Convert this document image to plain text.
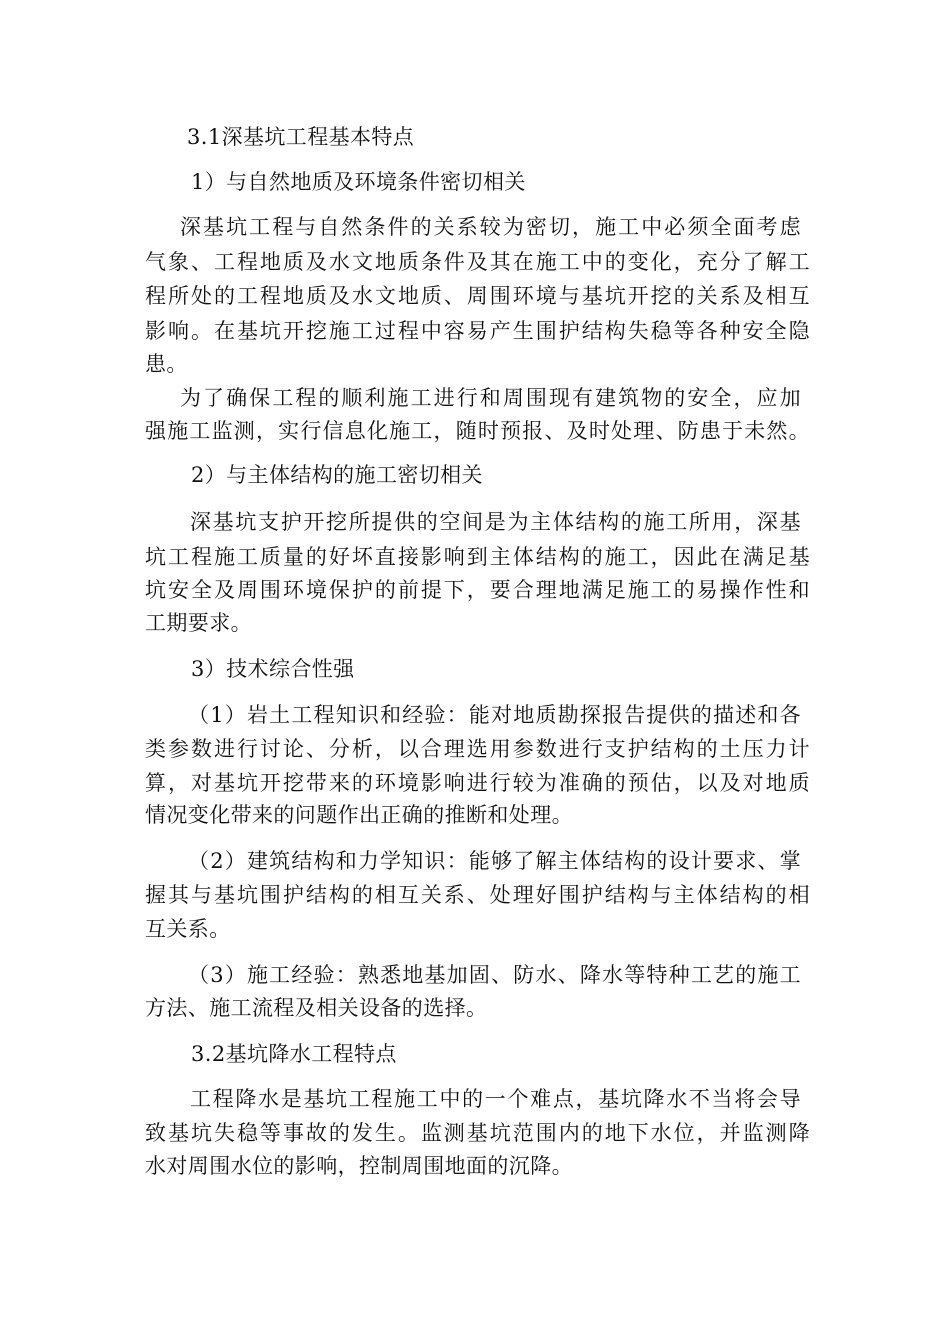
3.1深基坑工程基本特点
1）与自然地质及环境条件密切相关
深基坑工程与自然条件的关系较为密切，施工中必须全面考虑
气象、工程地质及水文地质条件及其在施工中的变化，充分了解工
程所处的工程地质及水文地质、周围环境与基坑开挖的关系及相互
影响。在基坑开挖施工过程中容易产生围护结构失稳等各种安全隐
患。
为了确保工程的顺利施工进行和周围现有建筑物的安全，应加
强施工监测，实行信息化施工，随时预报、及时处理、防患于未然。
2）与主体结构的施工密切相关
深基坑支护开挖所提供的空间是为主体结构的施工所用，深基
坑工程施工质量的好坏直接影响到主体结构的施工，因此在满足基
坑安全及周围环境保护的前提下，要合理地满足施工的易操作性和
工期要求。
3）技术综合性强
（1）岩土工程知识和经验：能对地质勘探报告提供的描述和各
类参数进行讨论、分析，以合理选用参数进行支护结构的土压力计
算，对基坑开挖带来的环境影响进行较为准确的预估，以及对地质
情况变化带来的问题作出正确的推断和处理。
（2）建筑结构和力学知识：能够了解主体结构的设计要求、掌
握其与基坑围护结构的相互关系、处理好围护结构与主体结构的相
互关系。
（3）施工经验：熟悉地基加固、防水、降水等特种工艺的施工
方法、施工流程及相关设备的选择。
3.2基坑降水工程特点
工程降水是基坑工程施工中的一个难点，基坑降水不当将会导
致基坑失稳等事故的发生。监测基坑范围内的地下水位，并监测降
水对周围水位的影响，控制周围地面的沉降。
